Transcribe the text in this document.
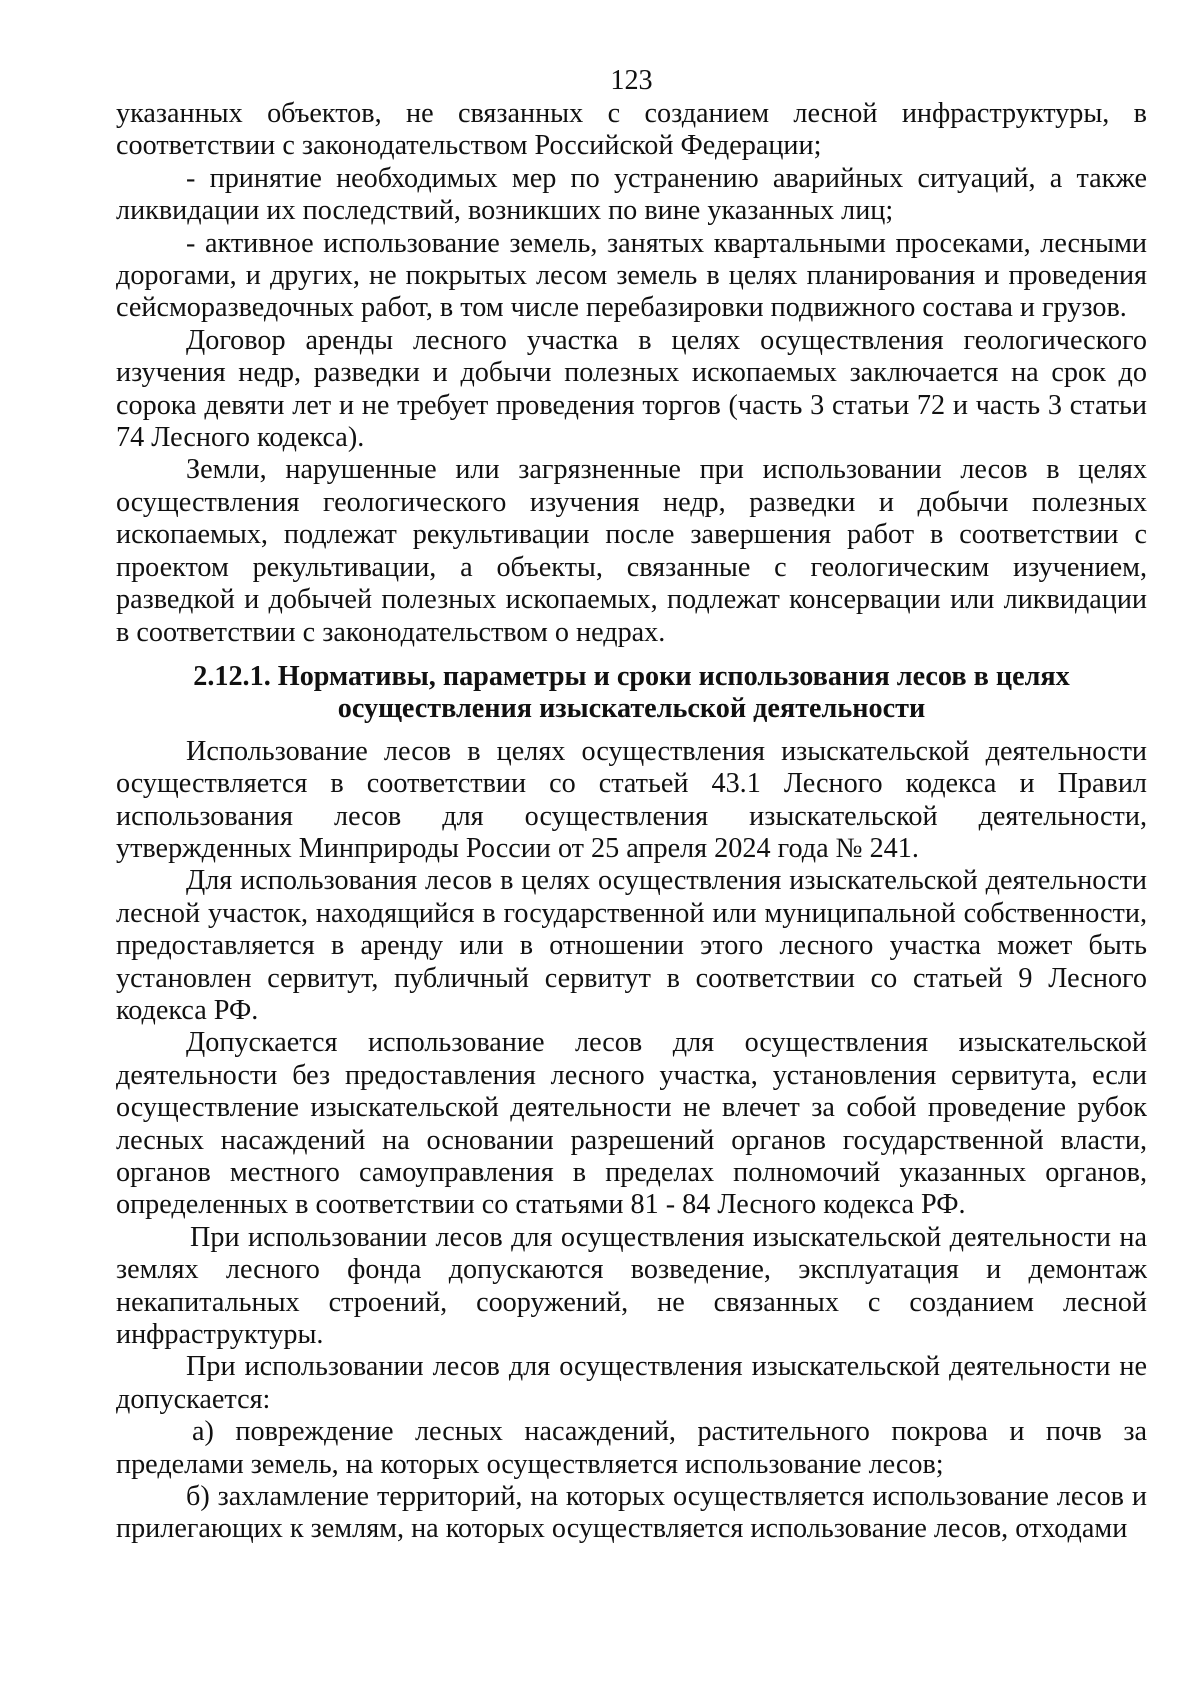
123

указанных объектов, не связанных с созданием лесной инфраструктуры, в соответствии с законодательством Российской Федерации;

- принятие необходимых мер по устранению аварийных ситуаций, а также ликвидации их последствий, возникших по вине указанных лиц;

- активное использование земель, занятых квартальными просеками, лесными дорогами, и других, не покрытых лесом земель в целях планирования и проведения сейсморазведочных работ, в том числе перебазировки подвижного состава и грузов.

Договор аренды лесного участка в целях осуществления геологического изучения недр, разведки и добычи полезных ископаемых заключается на срок до сорока девяти лет и не требует проведения торгов (часть 3 статьи 72 и часть 3 статьи 74 Лесного кодекса).

Земли, нарушенные или загрязненные при использовании лесов в целях осуществления геологического изучения недр, разведки и добычи полезных ископаемых, подлежат рекультивации после завершения работ в соответствии с проектом рекультивации, а объекты, связанные с геологическим изучением, разведкой и добычей полезных ископаемых, подлежат консервации или ликвидации в соответствии с законодательством о недрах.

2.12.1. Нормативы, параметры и сроки использования лесов в целях осуществления изыскательской деятельности

Использование лесов в целях осуществления изыскательской деятельности осуществляется в соответствии со статьей 43.1 Лесного кодекса и Правил использования лесов для осуществления изыскательской деятельности, утвержденных Минприроды России от 25 апреля 2024 года № 241.

Для использования лесов в целях осуществления изыскательской деятельности лесной участок, находящийся в государственной или муниципальной собственности, предоставляется в аренду или в отношении этого лесного участка может быть установлен сервитут, публичный сервитут в соответствии со статьей 9 Лесного кодекса РФ.

Допускается использование лесов для осуществления изыскательской деятельности без предоставления лесного участка, установления сервитута, если осуществление изыскательской деятельности не влечет за собой проведение рубок лесных насаждений на основании разрешений органов государственной власти, органов местного самоуправления в пределах полномочий указанных органов, определенных в соответствии со статьями 81 - 84 Лесного кодекса РФ.

При использовании лесов для осуществления изыскательской деятельности на землях лесного фонда допускаются возведение, эксплуатация и демонтаж некапитальных строений, сооружений, не связанных с созданием лесной инфраструктуры.

При использовании лесов для осуществления изыскательской деятельности не допускается:

а) повреждение лесных насаждений, растительного покрова и почв за пределами земель, на которых осуществляется использование лесов;

б) захламление территорий, на которых осуществляется использование лесов и прилегающих к землям, на которых осуществляется использование лесов, отходами
